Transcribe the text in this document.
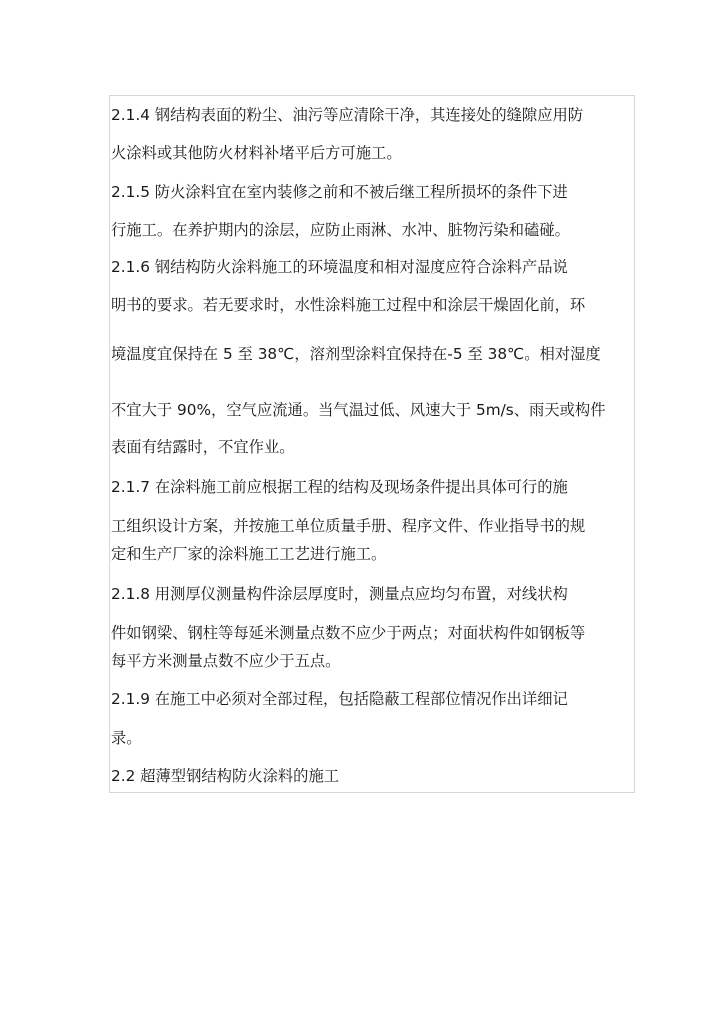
2.1.4 钢结构表面的粉尘、油污等应清除干净，其连接处的缝隙应用防
火涂料或其他防火材料补堵平后方可施工。
2.1.5 防火涂料宜在室内装修之前和不被后继工程所损坏的条件下进
行施工。在养护期内的涂层，应防止雨淋、水冲、脏物污染和磕碰。
2.1.6 钢结构防火涂料施工的环境温度和相对湿度应符合涂料产品说
明书的要求。若无要求时，水性涂料施工过程中和涂层干燥固化前，环
境温度宜保持在 5 至 38℃，溶剂型涂料宜保持在-5 至 38℃。相对湿度
不宜大于 90%，空气应流通。当气温过低、风速大于 5m/s、雨天或构件
表面有结露时，不宜作业。
2.1.7 在涂料施工前应根据工程的结构及现场条件提出具体可行的施
工组织设计方案，并按施工单位质量手册、程序文件、作业指导书的规
定和生产厂家的涂料施工工艺进行施工。
2.1.8 用测厚仪测量构件涂层厚度时，测量点应均匀布置，对线状构
件如钢梁、钢柱等每延米测量点数不应少于两点；对面状构件如钢板等
每平方米测量点数不应少于五点。
2.1.9 在施工中必须对全部过程，包括隐蔽工程部位情况作出详细记
录。
2.2 超薄型钢结构防火涂料的施工
